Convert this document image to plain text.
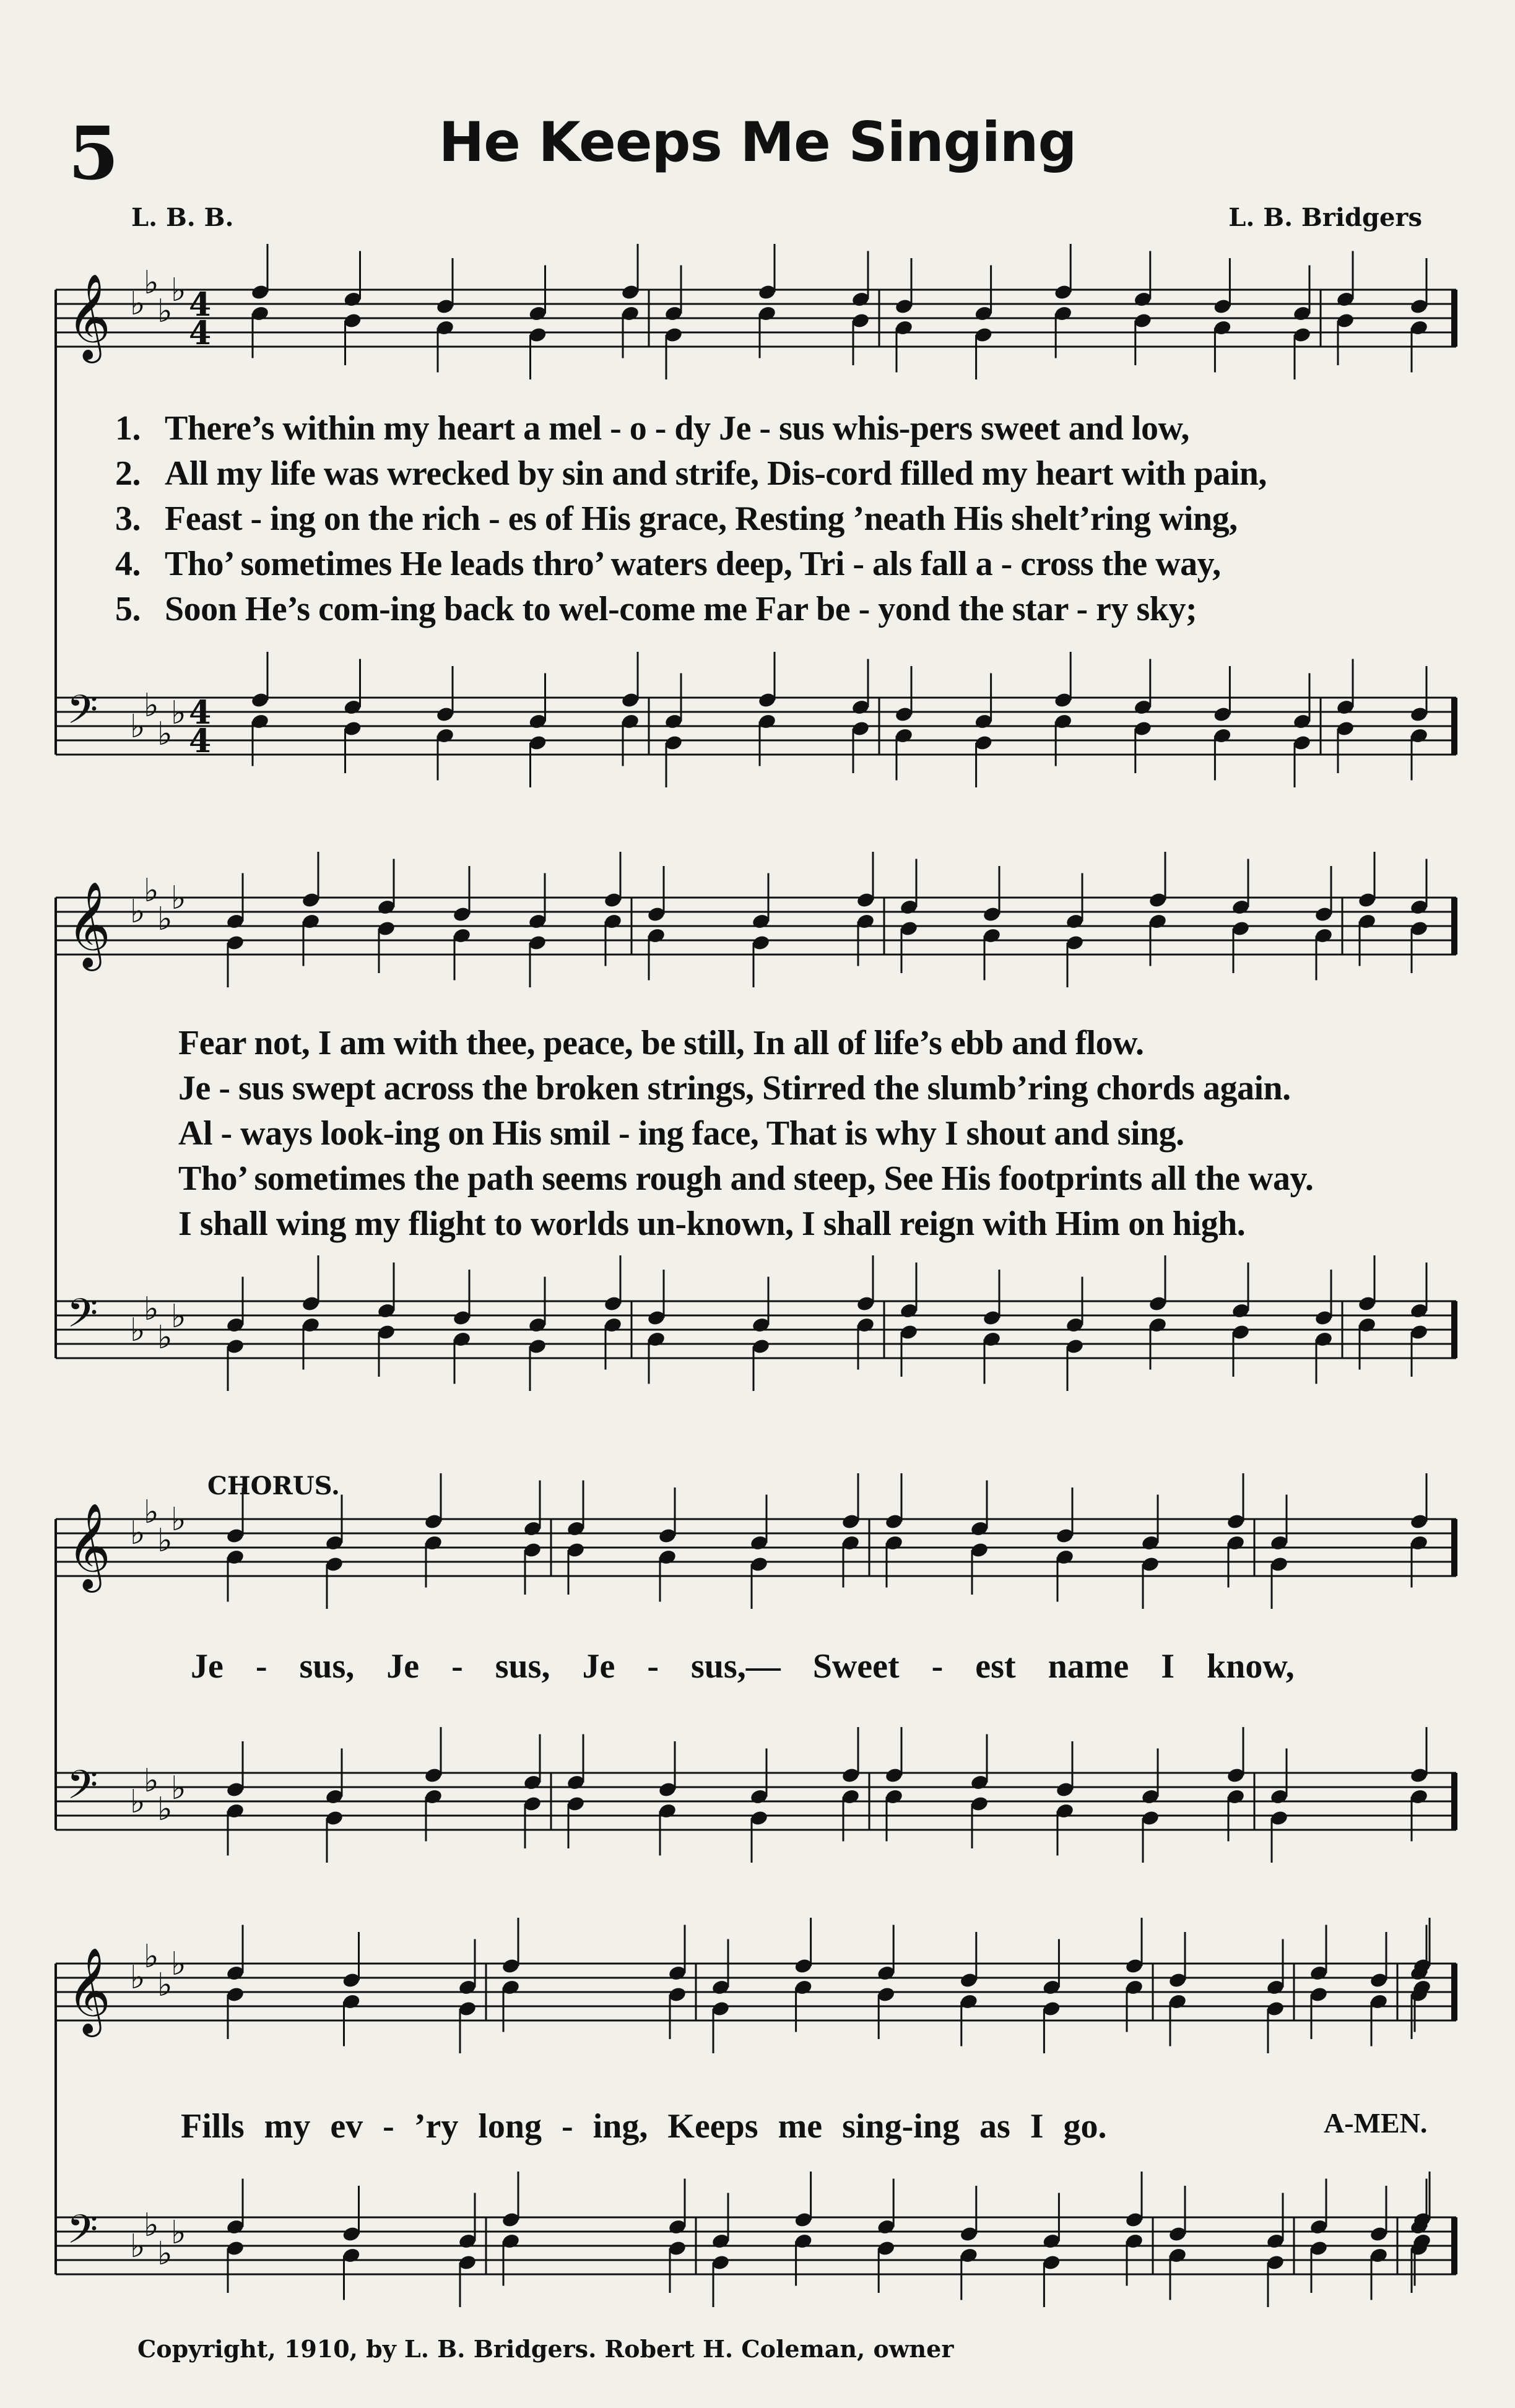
𝄞 ♭
♭
♭
♭ 4
4
𝄢 ♭
♭
♭
♭ 4
4
𝄞 ♭
♭
♭
♭
𝄢 ♭
♭
♭
♭
𝄞 ♭
♭
♭
♭
𝄢 ♭
♭
♭
♭
𝄞 ♭
♭
♭
♭
𝄢 ♭
♭
♭
♭
5	He Keeps Me Singing
L. B. B.	L. B. Bridgers
1. There’s within my heart a mel - o - dy Je - sus whis-pers sweet and low,
2. All my life was wrecked by sin and strife, Dis-cord filled my heart with pain,
3. Feast - ing on the rich - es of His grace, Resting ’neath His shelt’ring wing,
4. Tho’ sometimes He leads thro’ waters deep, Tri - als fall a - cross the way,
5. Soon He’s com-ing back to wel-come me Far be - yond the star - ry sky;
Fear not, I am with thee, peace, be still, In all of life’s ebb and flow.
Je - sus swept across the broken strings, Stirred the slumb’ring chords again.
Al - ways look-ing on His smil - ing face, That is why I shout and sing.
Tho’ sometimes the path seems rough and steep, See His footprints all the way.
I shall wing my flight to worlds un-known, I shall reign with Him on high.
CHORUS.
Je - sus, Je - sus, Je - sus,— Sweet - est name I know,
Fills my ev - ’ry long - ing, Keeps me sing-ing as I go.	A-MEN.
Copyright, 1910, by L. B. Bridgers. Robert H. Coleman, owner
